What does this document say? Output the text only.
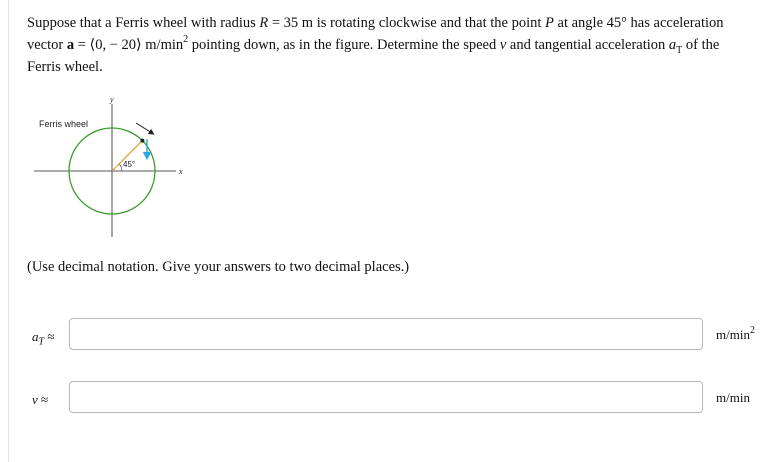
Suppose that a Ferris wheel with radius R = 35 m is rotating clockwise and that the point P at angle 45° has acceleration

vector a = ⟨0, − 20⟩ $m/\min^2$ pointing down, as in the figure. Determine the speed v and tangential acceleration $a_T$ of the

Ferris wheel.

Ferris wheel
45°
x
y
(Use decimal notation. Give your answers to two decimal places.)
$a_T$ ≈	$m/\min^2$
v ≈	m/min
